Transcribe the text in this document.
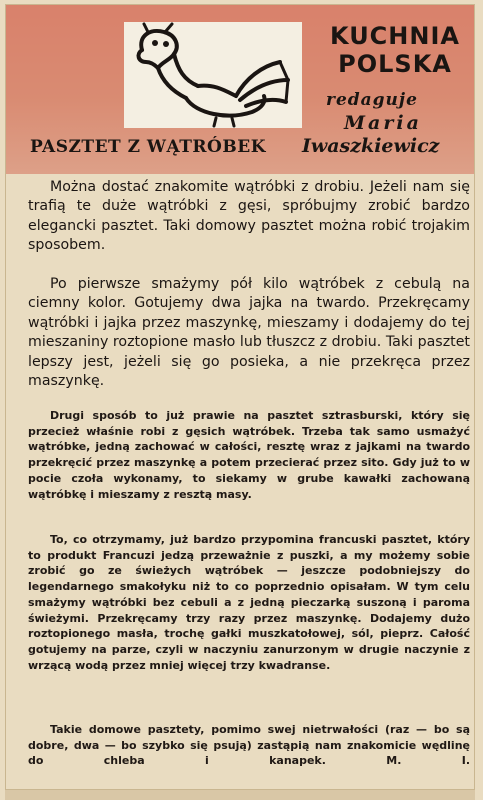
KUCHNIA
POLSKA
redaguje
Maria
Iwaszkiewicz
PASZTET Z WĄTRÓBEK

Można dostać znakomite wątróbki z drobiu. Jeżeli nam się trafią te duże wątróbki z gęsi, spróbujmy zrobić bardzo elegancki pasztet. Taki domowy pasztet można robić trojakim sposobem.

Po pierwsze smażymy pół kilo wątróbek z cebulą na ciemny kolor. Gotujemy dwa jajka na twardo. Przekręcamy wątróbki i jajka przez maszynkę, mieszamy i dodajemy do tej mieszaniny roztopione masło lub tłuszcz z drobiu. Taki pasztet lepszy jest, jeżeli się go posieka, a nie przekręca przez maszynkę.

Drugi sposób to już prawie na pasztet sztrasburski, który się przecież właśnie robi z gęsich wątróbek. Trzeba tak samo usmażyć wątróbke, jedną zachować w całości, resztę wraz z jajkami na twardo przekręcić przez maszynkę a potem przecierać przez sito. Gdy już to w pocie czoła wykonamy, to siekamy w grube kawałki zachowaną wątróbkę i mieszamy z resztą masy.

To, co otrzymamy, już bardzo przypomina francuski pasztet, który to produkt Francuzi jedzą przeważnie z puszki, a my możemy sobie zrobić go ze świeżych wątróbek — jeszcze podobniejszy do legendarnego smakołyku niż to co poprzednio opisałam. W tym celu smażymy wątróbki bez cebuli a z jedną pieczarką suszoną i paroma świeżymi. Przekręcamy trzy razy przez maszynkę. Dodajemy dużo roztopionego masła, trochę gałki muszkatołowej, sól, pieprz. Całość gotujemy na parze, czyli w naczyniu zanurzonym w drugie naczynie z wrzącą wodą przez mniej więcej trzy kwadranse.

Takie domowe pasztety, pomimo swej nietrwałości (raz — bo są dobre, dwa — bo szybko się psują) zastąpią nam znakomicie wędlinę do chleba i kanapek.	M. I.
